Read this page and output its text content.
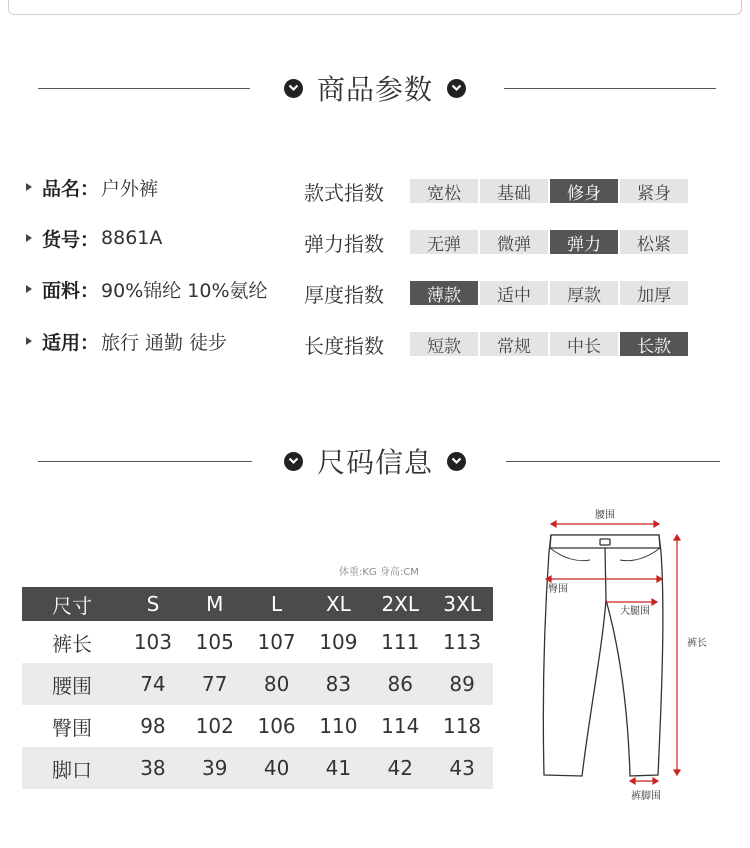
商品参数
品名： 户外裤
货号： 8861A
面料： 90%锦纶 10%氨纶
适用： 旅行 通勤 徒步
款式指数	宽松	基础	修身	紧身
弹力指数	无弹	微弹	弹力	松紧
厚度指数	薄款	适中	厚款	加厚
长度指数	短款	常规	中长	长款
尺码信息
体重:KG 身高:CM
尺寸	S	M	L	XL	2XL	3XL
裤长	103	105	107	109	111	113
腰围	74	77	80	83	86	89
臀围	98	102	106	110	114	118
脚口	38	39	40	41	42	43
腰围
臀围
大腿围
裤长
裤脚围
